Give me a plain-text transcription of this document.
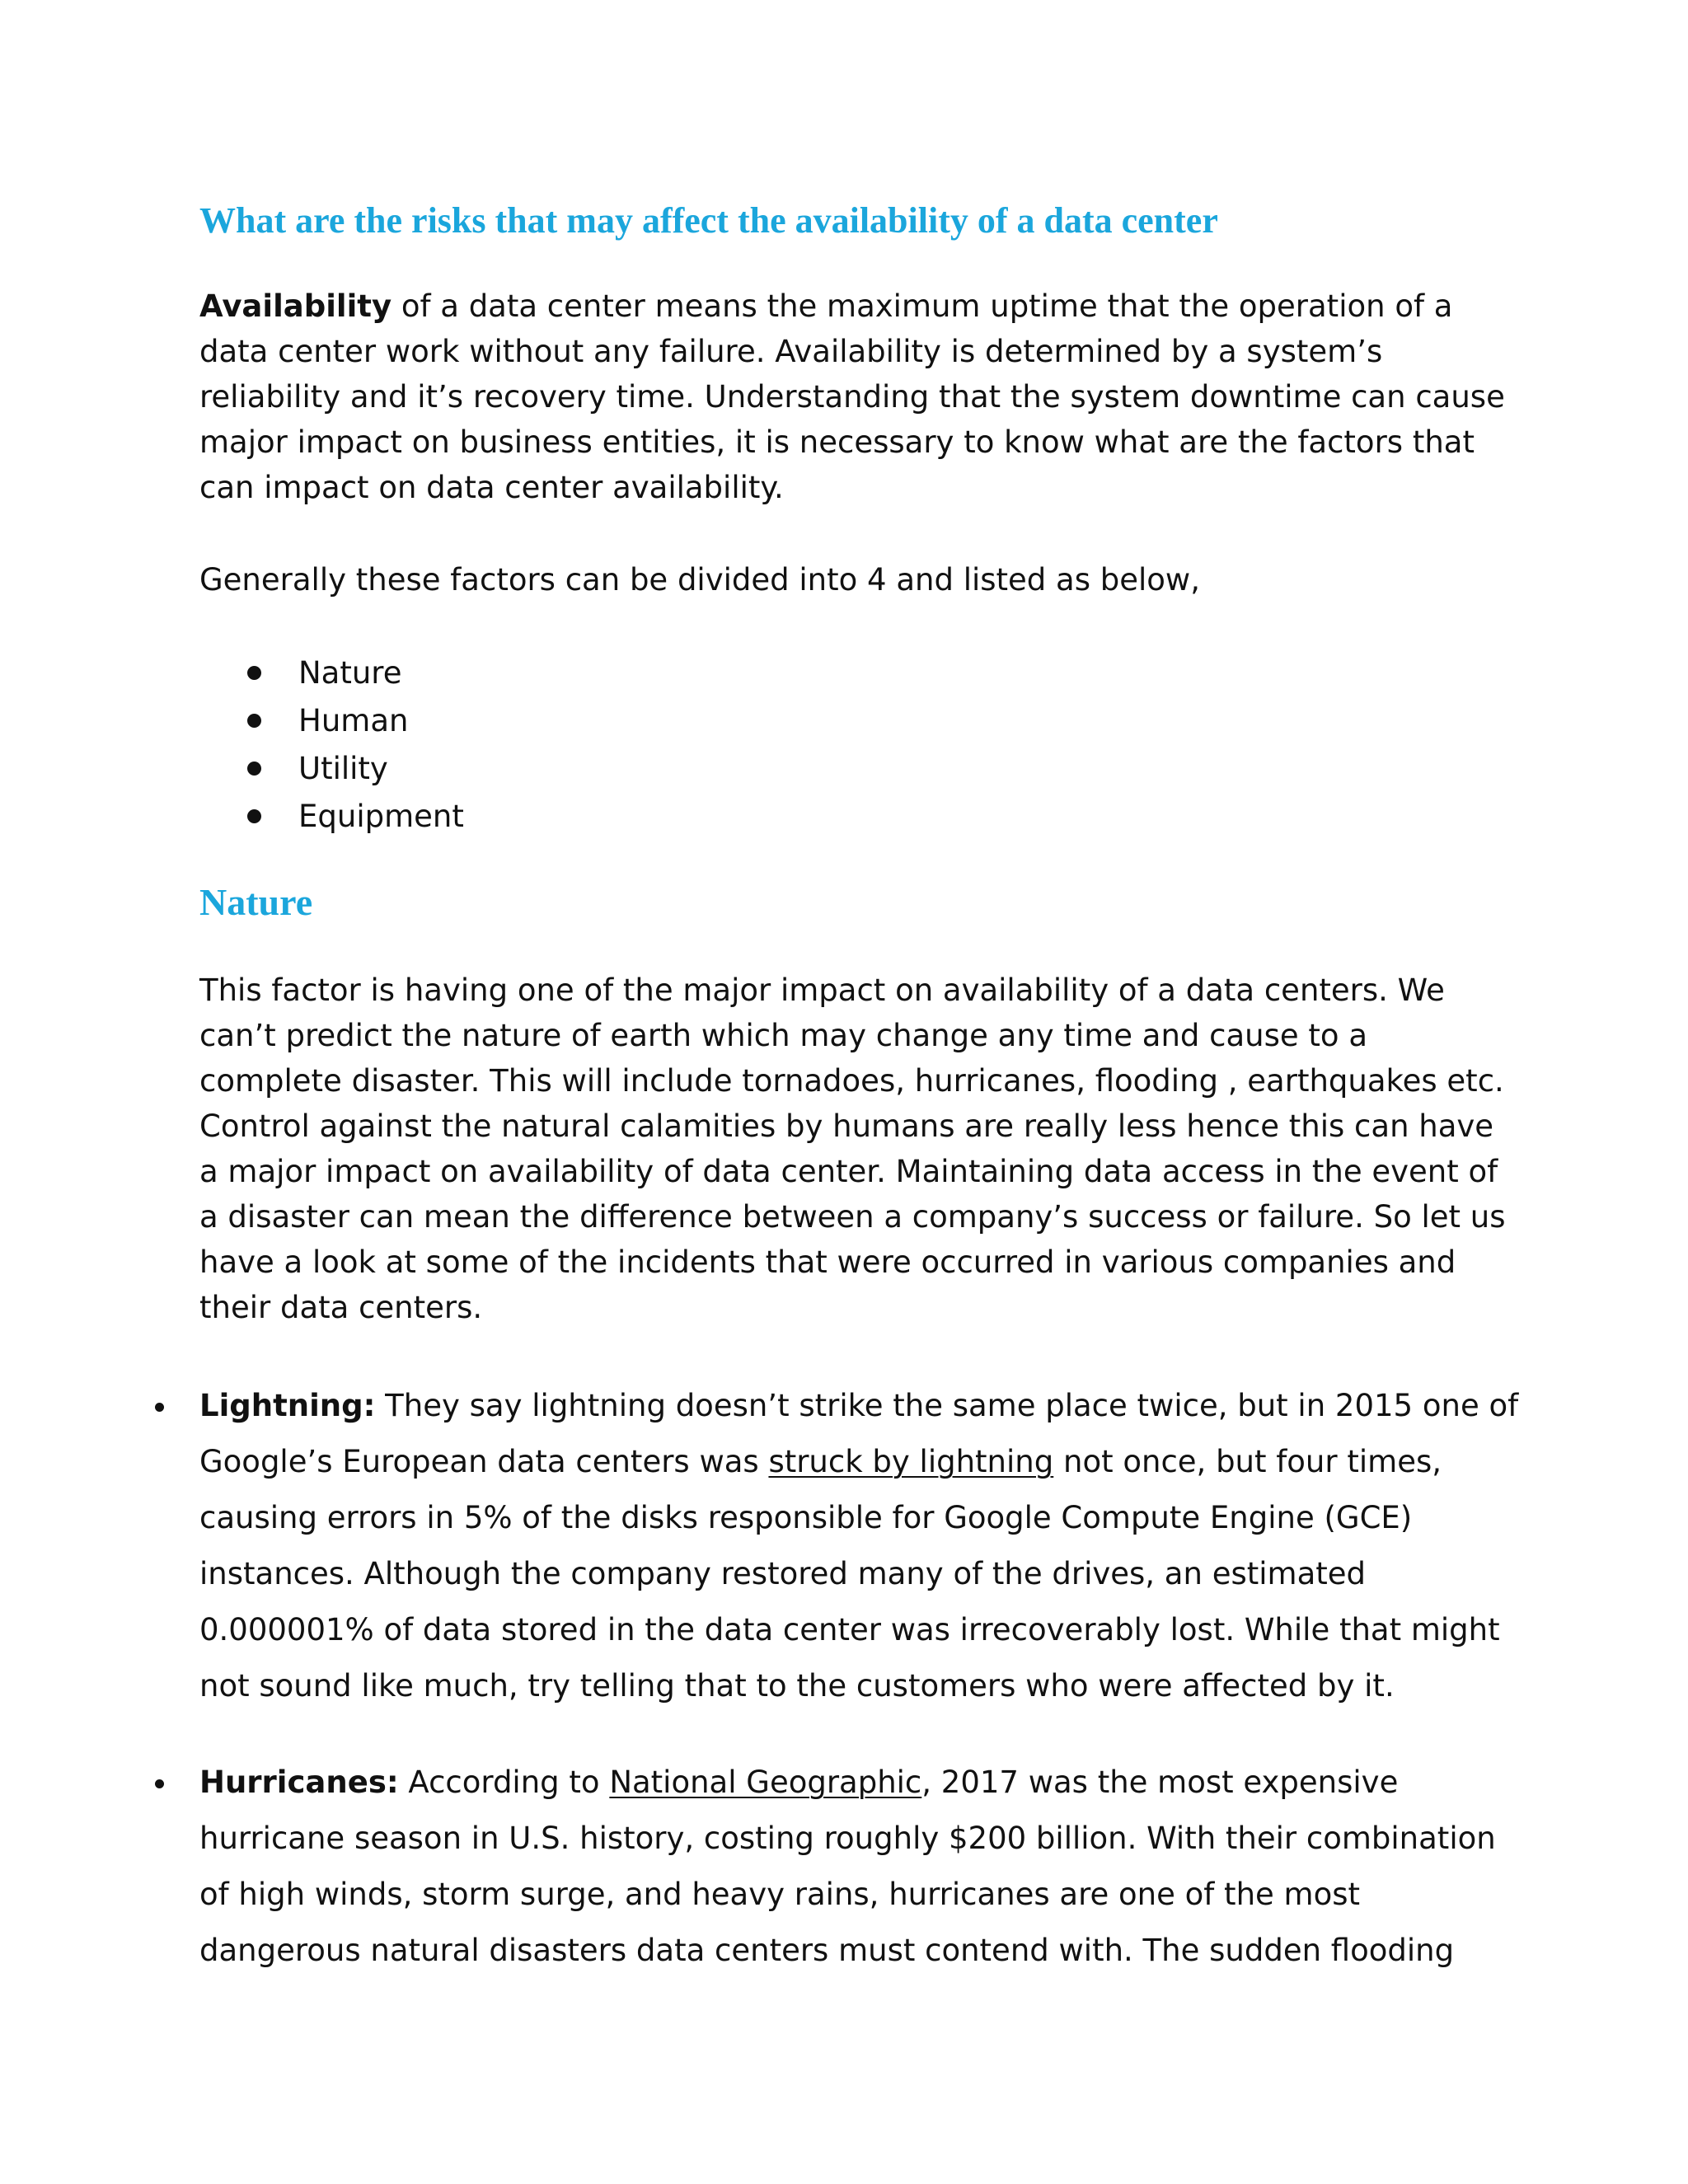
What are the risks that may affect the availability of a data center

Availability of a data center means the maximum uptime that the operation of a
data center work without any failure. Availability is determined by a system’s
reliability and it’s recovery time. Understanding that the system downtime can cause
major impact on business entities, it is necessary to know what are the factors that
can impact on data center availability.

Generally these factors can be divided into 4 and listed as below,

Nature
Human
Utility
Equipment
Nature

This factor is having one of the major impact on availability of a data centers. We
can’t predict the nature of earth which may change any time and cause to a
complete disaster. This will include tornadoes, hurricanes, flooding , earthquakes etc.
Control against the natural calamities by humans are really less hence this can have
a major impact on availability of data center. Maintaining data access in the event of
a disaster can mean the difference between a company’s success or failure. So let us
have a look at some of the incidents that were occurred in various companies and
their data centers.

Lightning: They say lightning doesn’t strike the same place twice, but in 2015 one of
Google’s European data centers was struck by lightning not once, but four times,
causing errors in 5% of the disks responsible for Google Compute Engine (GCE)
instances. Although the company restored many of the drives, an estimated
0.000001% of data stored in the data center was irrecoverably lost. While that might
not sound like much, try telling that to the customers who were affected by it.
Hurricanes: According to National Geographic, 2017 was the most expensive
hurricane season in U.S. history, costing roughly $200 billion. With their combination
of high winds, storm surge, and heavy rains, hurricanes are one of the most
dangerous natural disasters data centers must contend with. The sudden flooding
